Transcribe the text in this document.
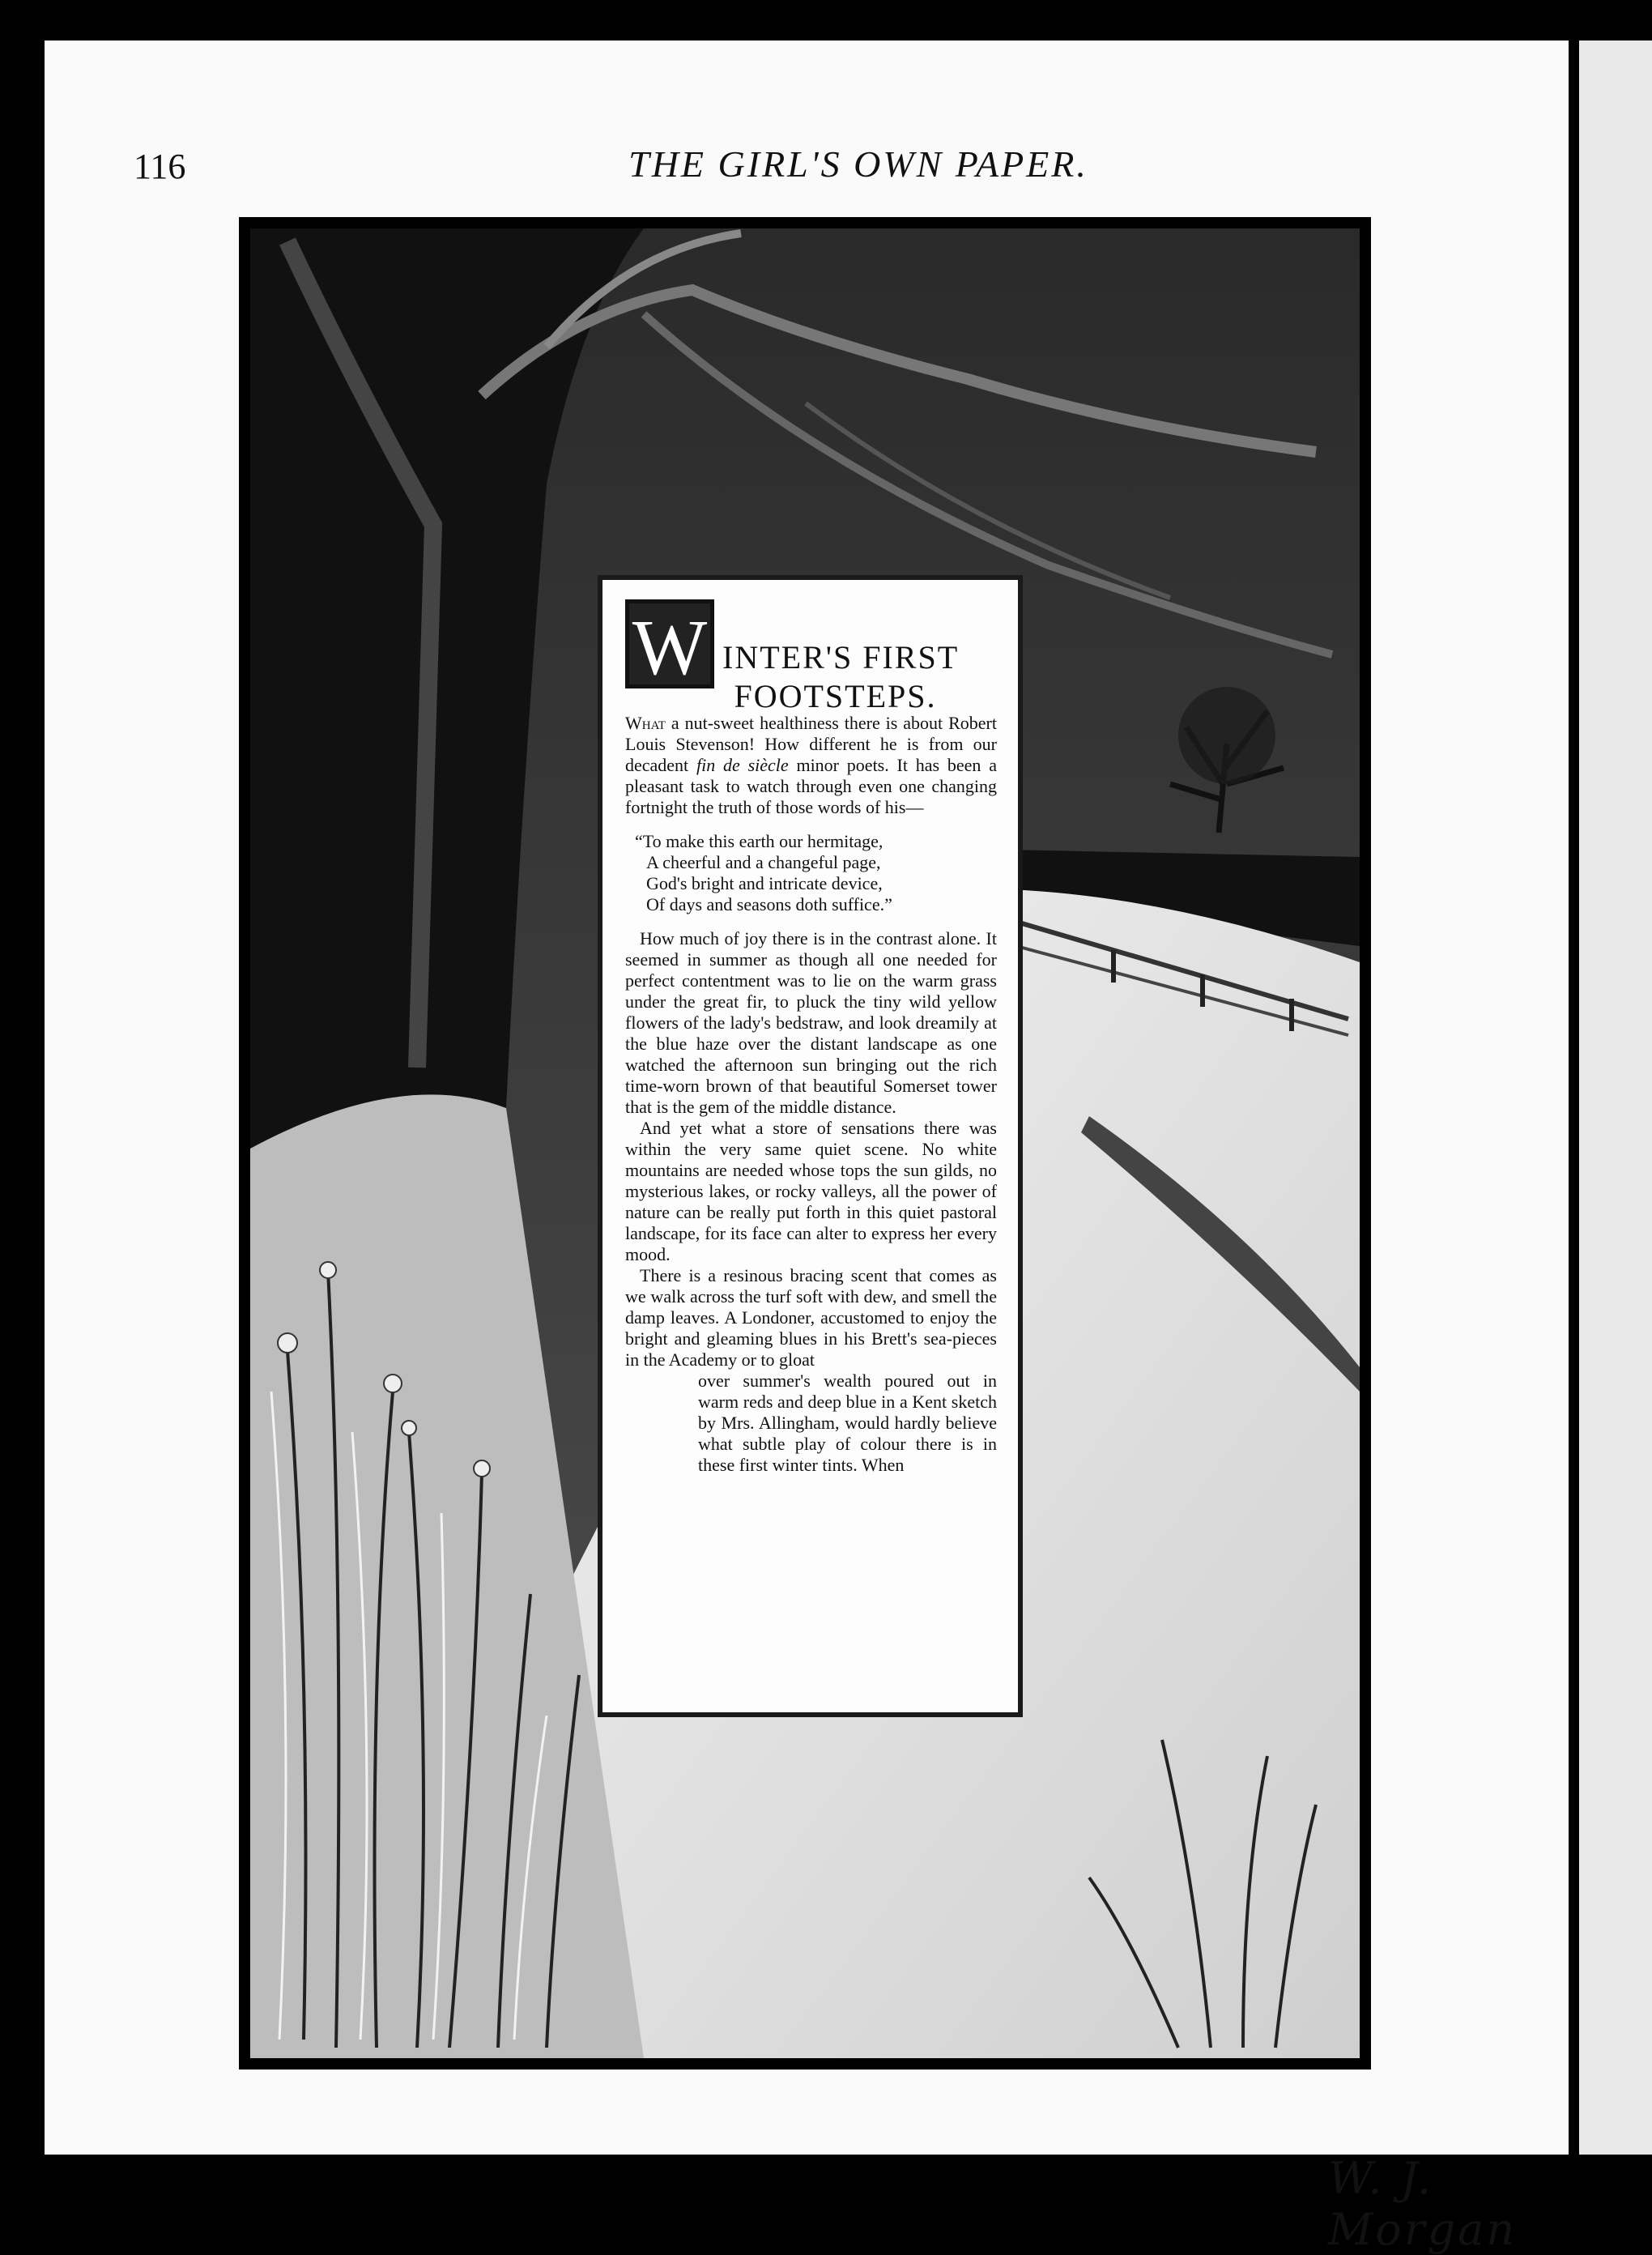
116	THE GIRL'S OWN PAPER.
W. J. Morgan
W INTER'S FIRST
FOOTSTEPS.

What a nut-sweet healthiness there is about Robert Louis Stevenson! How different he is from our decadent fin de siècle minor poets. It has been a pleasant task to watch through even one changing fortnight the truth of those words of his—

“To make this earth our hermitage,
A cheerful and a changeful page,
God's bright and intricate device,
Of days and seasons doth suffice.”

How much of joy there is in the contrast alone. It seemed in summer as though all one needed for perfect contentment was to lie on the warm grass under the great fir, to pluck the tiny wild yellow flowers of the lady's bedstraw, and look dreamily at the blue haze over the distant landscape as one watched the afternoon sun bringing out the rich time-worn brown of that beautiful Somerset tower that is the gem of the middle distance.

And yet what a store of sensations there was within the very same quiet scene. No white mountains are needed whose tops the sun gilds, no mysterious lakes, or rocky valleys, all the power of nature can be really put forth in this quiet pastoral landscape, for its face can alter to express her every mood.

There is a resinous bracing scent that comes as we walk across the turf soft with dew, and smell the damp leaves. A Londoner, accustomed to enjoy the bright and gleaming blues in his Brett's sea-pieces in the Academy or to gloat

over summer's wealth poured out in warm reds and deep blue in a Kent sketch by Mrs. Allingham, would hardly believe what subtle play of colour there is in these first winter tints. When
